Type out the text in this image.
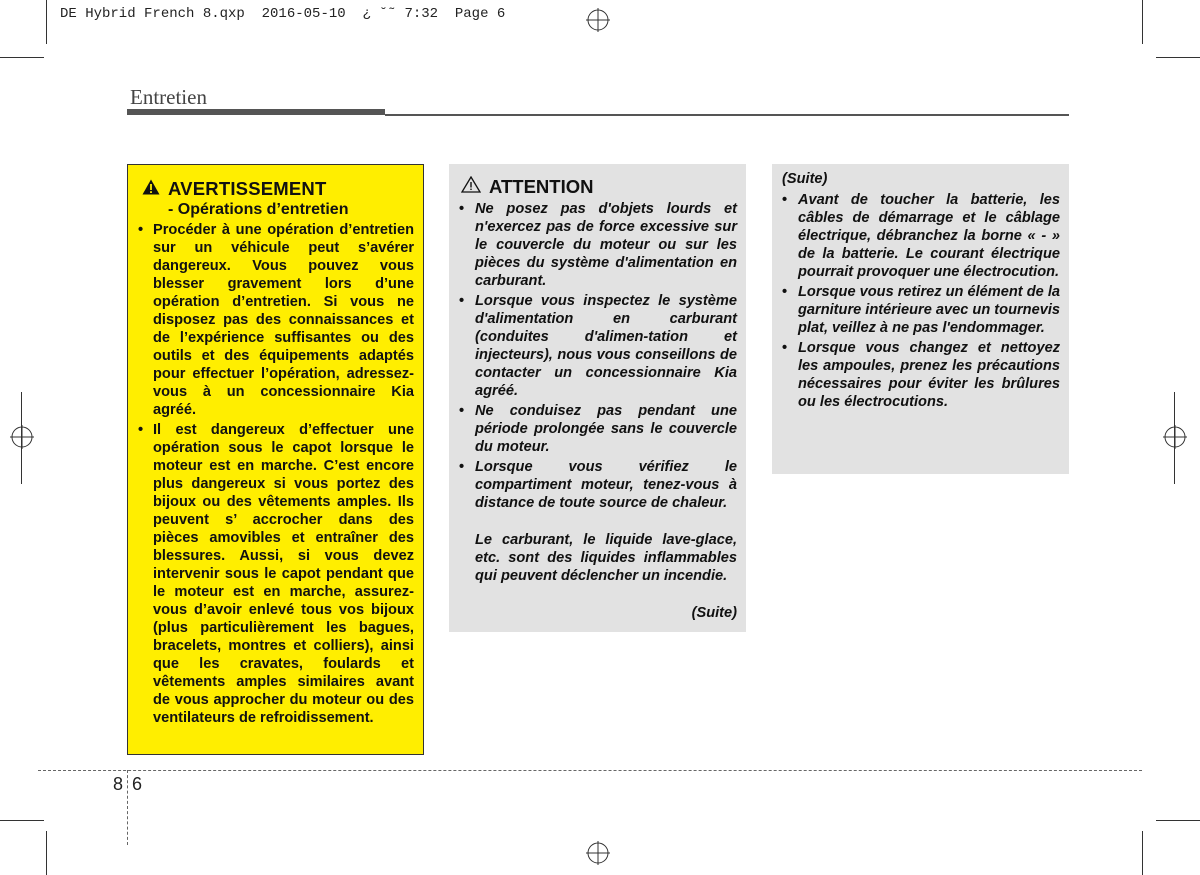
DE Hybrid French 8.qxp  2016-05-10  ¿ ˘˜ 7:32  Page 6
Entretien
AVERTISSEMENT
- Opérations d’entretien
• Procéder à une opération d’entretien sur un véhicule peut s’avérer dangereux. Vous pouvez vous blesser gravement lors d’une opération d’entretien. Si vous ne disposez pas des connaissances et de l’expérience suffisantes ou des outils et des équipements adaptés pour effectuer l’opération, adressez-vous à un concessionnaire Kia agréé.
• Il est dangereux d’effectuer une opération sous le capot lorsque le moteur est en marche. C’est encore plus dangereux si vous portez des bijoux ou des vêtements amples. Ils peuvent s’ accrocher dans des pièces amovibles et entraîner des blessures. Aussi, si vous devez intervenir sous le capot pendant que le moteur est en marche, assurez-vous d’avoir enlevé tous vos bijoux (plus particulièrement les bagues, bracelets, montres et colliers), ainsi que les cravates, foulards et vêtements amples similaires avant de vous approcher du moteur ou des ventilateurs de refroidissement.
ATTENTION
• Ne posez pas d'objets lourds et n'exercez pas de force excessive sur le couvercle du moteur ou sur les pièces du système d'alimentation en carburant.
• Lorsque vous inspectez le système d'alimentation en carburant (conduites d'alimen-tation et injecteurs), nous vous conseillons de contacter un concessionnaire Kia agréé.
• Ne conduisez pas pendant une période prolongée sans le couvercle du moteur.
• Lorsque vous vérifiez le compartiment moteur, tenez-vous à distance de toute source de chaleur.
Le carburant, le liquide lave-glace, etc. sont des liquides inflammables qui peuvent déclencher un incendie.
(Suite)
(Suite)
• Avant de toucher la batterie, les câbles de démarrage et le câblage électrique, débranchez la borne « - » de la batterie. Le courant électrique pourrait provoquer une électrocution.
• Lorsque vous retirez un élément de la garniture intérieure avec un tournevis plat, veillez à ne pas l'endommager.
• Lorsque vous changez et nettoyez les ampoules, prenez les précautions nécessaires pour éviter les brûlures ou les électrocutions.
8 6
